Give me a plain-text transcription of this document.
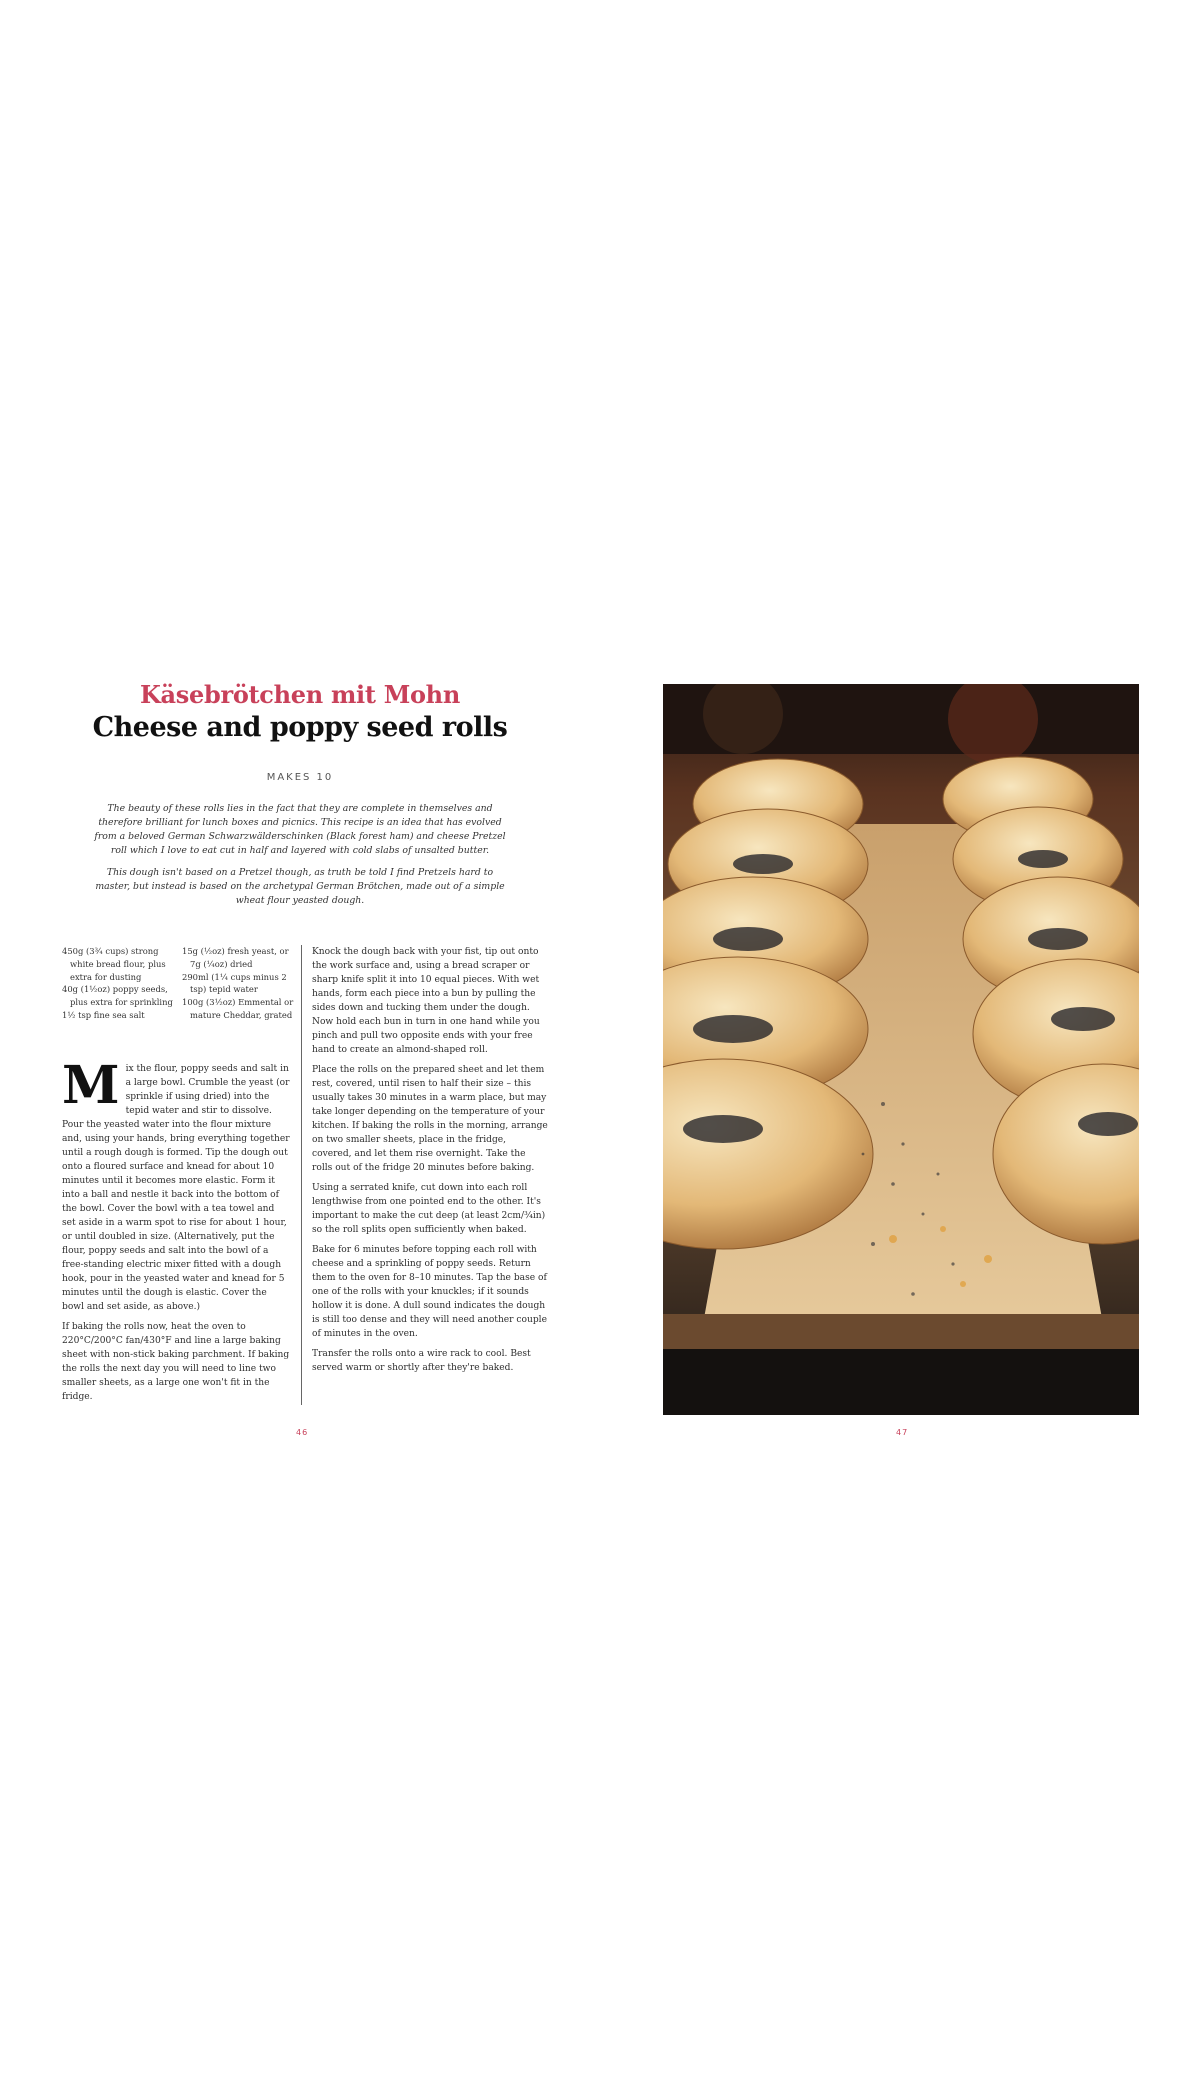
Käsebrötchen mit Mohn
Cheese and poppy seed rolls
MAKES 10

The beauty of these rolls lies in the fact that they are complete in themselves and therefore brilliant for lunch boxes and picnics. This recipe is an idea that has evolved from a beloved German Schwarzwälderschinken (Black forest ham) and cheese Pretzel roll which I love to eat cut in half and layered with cold slabs of unsalted butter.

This dough isn't based on a Pretzel though, as truth be told I find Pretzels hard to master, but instead is based on the archetypal German Brötchen, made out of a simple wheat flour yeasted dough.

450g (3¾ cups) strong white bread flour, plus extra for dusting
40g (1½oz) poppy seeds, plus extra for sprinkling
1½ tsp fine sea salt
15g (½oz) fresh yeast, or 7g (¼oz) dried
290ml (1¼ cups minus 2 tsp) tepid water
100g (3½oz) Emmental or mature Cheddar, grated

Mix the flour, poppy seeds and salt in a large bowl. Crumble the yeast (or sprinkle if using dried) into the tepid water and stir to dissolve. Pour the yeasted water into the flour mixture and, using your hands, bring everything together until a rough dough is formed. Tip the dough out onto a floured surface and knead for about 10 minutes until it becomes more elastic. Form it into a ball and nestle it back into the bottom of the bowl. Cover the bowl with a tea towel and set aside in a warm spot to rise for about 1 hour, or until doubled in size. (Alternatively, put the flour, poppy seeds and salt into the bowl of a free-standing electric mixer fitted with a dough hook, pour in the yeasted water and knead for 5 minutes until the dough is elastic. Cover the bowl and set aside, as above.)

If baking the rolls now, heat the oven to 220°C/200°C fan/430°F and line a large baking sheet with non-stick baking parchment. If baking the rolls the next day you will need to line two smaller sheets, as a large one won't fit in the fridge.

Knock the dough back with your fist, tip out onto the work surface and, using a bread scraper or sharp knife split it into 10 equal pieces. With wet hands, form each piece into a bun by pulling the sides down and tucking them under the dough. Now hold each bun in turn in one hand while you pinch and pull two opposite ends with your free hand to create an almond-shaped roll.

Place the rolls on the prepared sheet and let them rest, covered, until risen to half their size – this usually takes 30 minutes in a warm place, but may take longer depending on the temperature of your kitchen. If baking the rolls in the morning, arrange on two smaller sheets, place in the fridge, covered, and let them rise overnight. Take the rolls out of the fridge 20 minutes before baking.

Using a serrated knife, cut down into each roll lengthwise from one pointed end to the other. It's important to make the cut deep (at least 2cm/¾in) so the roll splits open sufficiently when baked.

Bake for 6 minutes before topping each roll with cheese and a sprinkling of poppy seeds. Return them to the oven for 8–10 minutes. Tap the base of one of the rolls with your knuckles; if it sounds hollow it is done. A dull sound indicates the dough is still too dense and they will need another couple of minutes in the oven.

Transfer the rolls onto a wire rack to cool. Best served warm or shortly after they're baked.

46	47
